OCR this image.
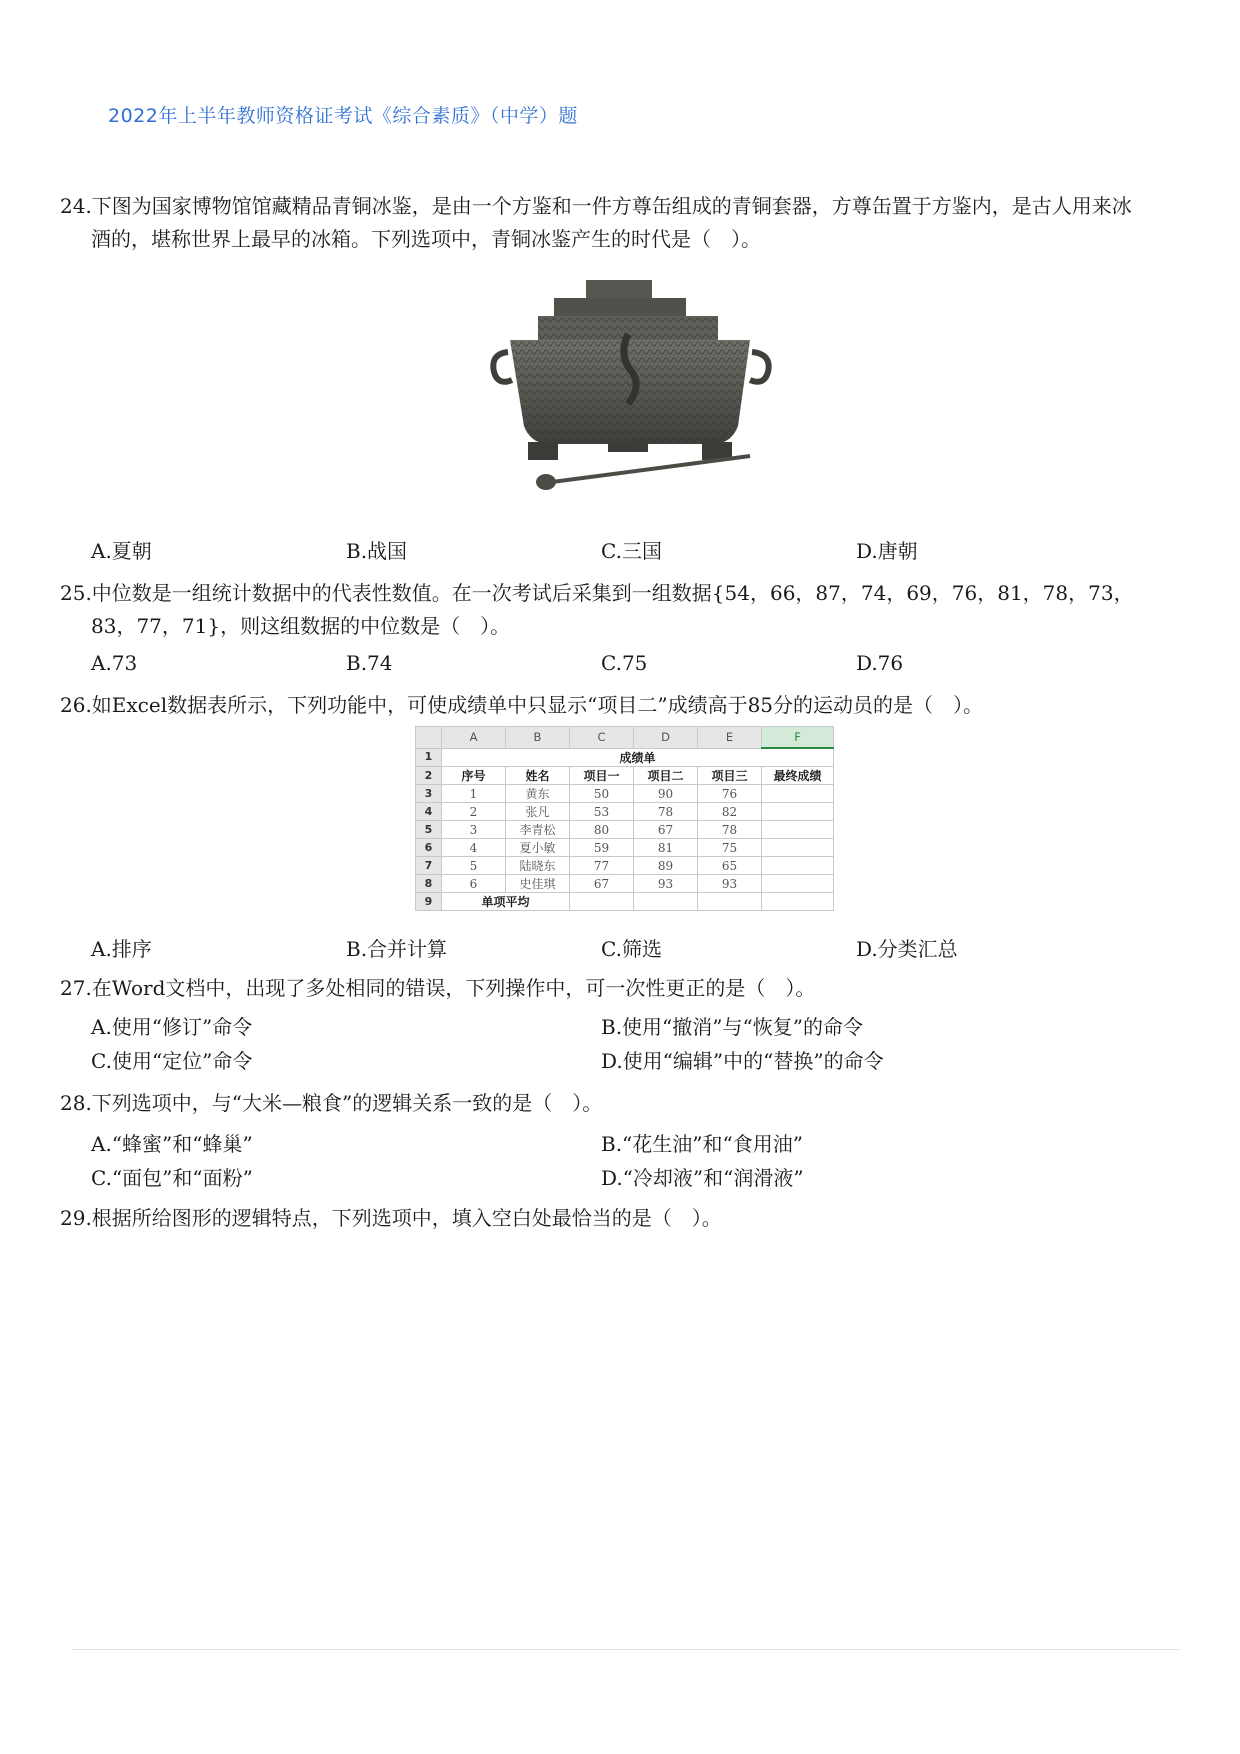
2022年上半年教师资格证考试《综合素质》（中学）题
24.下图为国家博物馆馆藏精品青铜冰鉴，是由一个方鉴和一件方尊缶组成的青铜套器，方尊缶置于方鉴内，是古人用来冰酒的，堪称世界上最早的冰箱。下列选项中，青铜冰鉴产生的时代是（　）。
A.夏朝	B.战国	C.三国	D.唐朝
25.中位数是一组统计数据中的代表性数值。在一次考试后采集到一组数据{54，66，87，74，69，76，81，78，73，83，77，71}，则这组数据的中位数是（　）。
A.73	B.74	C.75	D.76
26.如Excel数据表所示，下列功能中，可使成绩单中只显示“项目二”成绩高于85分的运动员的是（　）。
	A	B	C	D	E	F
1	成绩单					
2	序号	姓名	项目一	项目二	项目三	最终成绩
3	1	黄东	50	90	76	
4	2	张凡	53	78	82	
5	3	李青松	80	67	78	
6	4	夏小敏	59	81	75	
7	5	陆晓东	77	89	65	
8	6	史佳琪	67	93	93	
9	单项平均					
A.排序	B.合并计算	C.筛选	D.分类汇总
27.在Word文档中，出现了多处相同的错误，下列操作中，可一次性更正的是（　）。
A.使用“修订”命令	B.使用“撤消”与“恢复”的命令
C.使用“定位”命令	D.使用“编辑”中的“替换”的命令
28.下列选项中，与“大米—粮食”的逻辑关系一致的是（　）。
A.“蜂蜜”和“蜂巢”	B.“花生油”和“食用油”
C.“面包”和“面粉”	D.“冷却液”和“润滑液”
29.根据所给图形的逻辑特点，下列选项中，填入空白处最恰当的是（　）。
